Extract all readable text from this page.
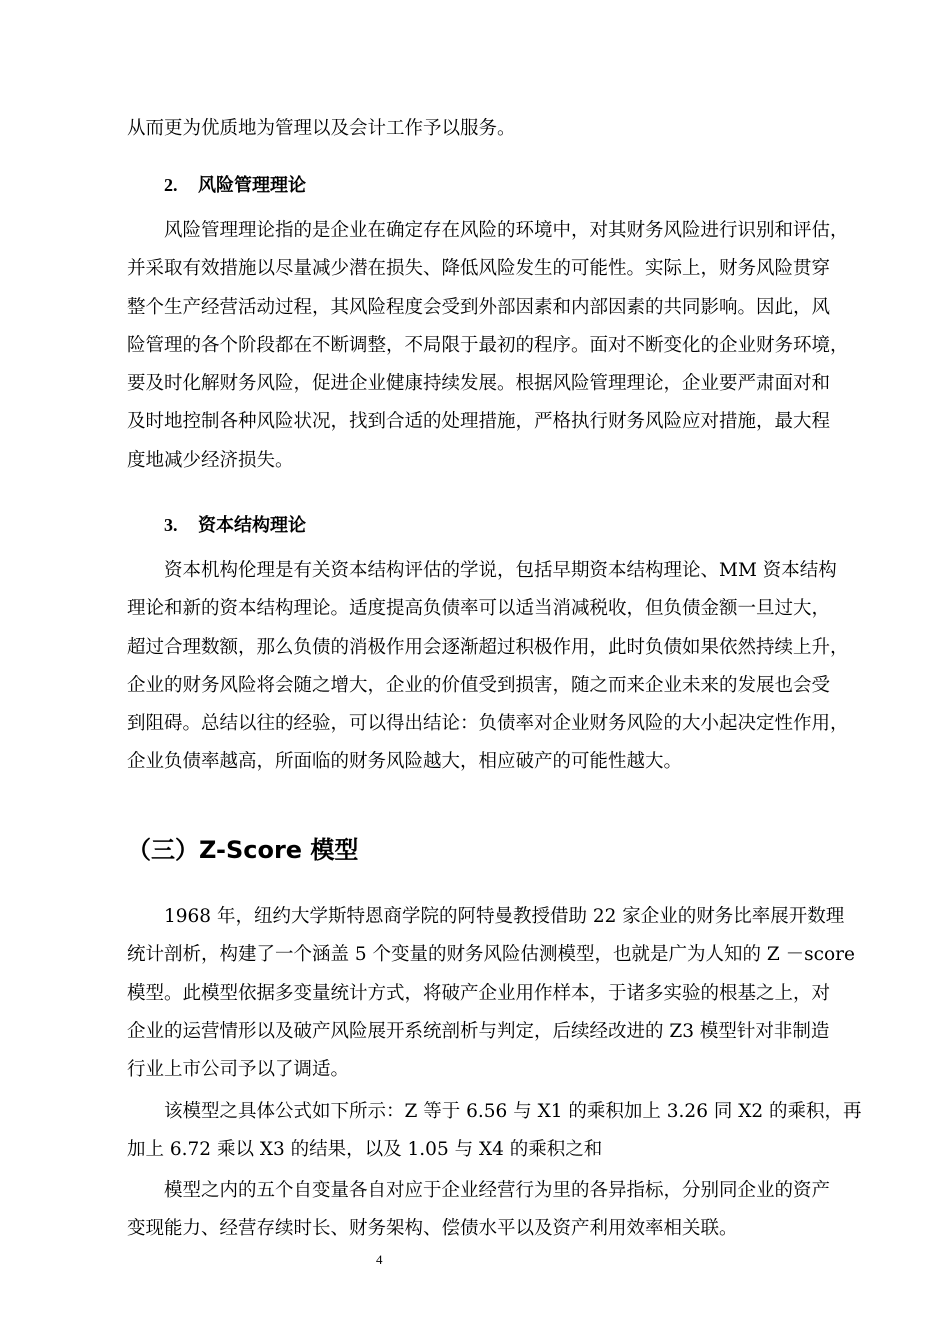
从而更为优质地为管理以及会计工作予以服务。
2. 风险管理理论
风险管理理论指的是企业在确定存在风险的环境中，对其财务风险进行识别和评估，
并采取有效措施以尽量减少潜在损失、降低风险发生的可能性。实际上，财务风险贯穿
整个生产经营活动过程，其风险程度会受到外部因素和内部因素的共同影响。因此，风
险管理的各个阶段都在不断调整，不局限于最初的程序。面对不断变化的企业财务环境，
要及时化解财务风险，促进企业健康持续发展。根据风险管理理论，企业要严肃面对和
及时地控制各种风险状况，找到合适的处理措施，严格执行财务风险应对措施，最大程
度地减少经济损失。
3. 资本结构理论
资本机构伦理是有关资本结构评估的学说，包括早期资本结构理论、MM 资本结构
理论和新的资本结构理论。适度提高负债率可以适当消减税收，但负债金额一旦过大，
超过合理数额，那么负债的消极作用会逐渐超过积极作用，此时负债如果依然持续上升，
企业的财务风险将会随之增大，企业的价值受到损害，随之而来企业未来的发展也会受
到阻碍。总结以往的经验，可以得出结论：负债率对企业财务风险的大小起决定性作用，
企业负债率越高，所面临的财务风险越大，相应破产的可能性越大。
（三）Z-Score 模型
1968 年，纽约大学斯特恩商学院的阿特曼教授借助 22 家企业的财务比率展开数理
统计剖析，构建了一个涵盖 5 个变量的财务风险估测模型，也就是广为人知的 Z －score
模型。此模型依据多变量统计方式，将破产企业用作样本，于诸多实验的根基之上，对
企业的运营情形以及破产风险展开系统剖析与判定，后续经改进的 Z3 模型针对非制造
行业上市公司予以了调适。
该模型之具体公式如下所示：Z 等于 6.56 与 X1 的乘积加上 3.26 同 X2 的乘积，再
加上 6.72 乘以 X3 的结果，以及 1.05 与 X4 的乘积之和
模型之内的五个自变量各自对应于企业经营行为里的各异指标，分别同企业的资产
变现能力、经营存续时长、财务架构、偿债水平以及资产利用效率相关联。
4
